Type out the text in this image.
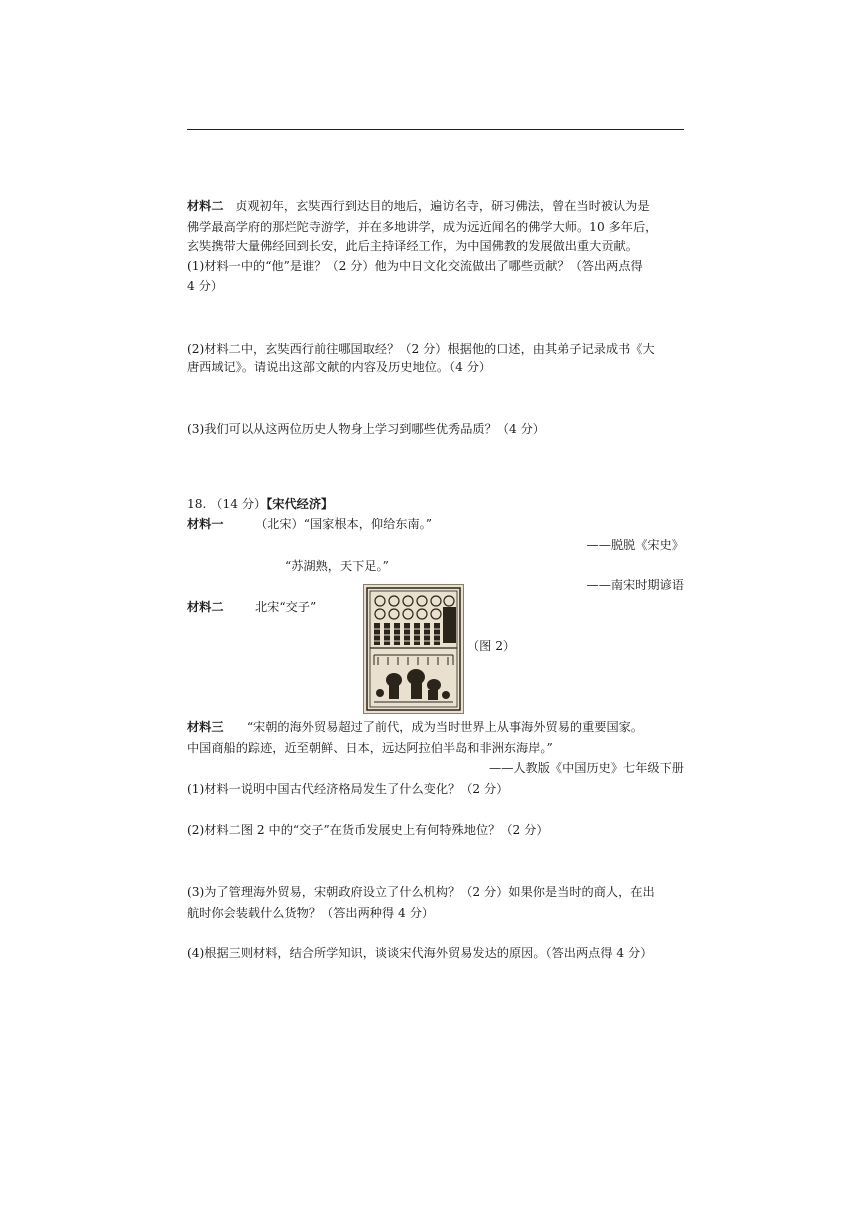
材料二 贞观初年，玄奘西行到达目的地后，遍访名寺，研习佛法，曾在当时被认为是
佛学最高学府的那烂陀寺游学，并在多地讲学，成为远近闻名的佛学大师。10 多年后，
玄奘携带大量佛经回到长安，此后主持译经工作，为中国佛教的发展做出重大贡献。
(1)材料一中的“他”是谁？（2 分）他为中日文化交流做出了哪些贡献？（答出两点得
4 分）
(2)材料二中，玄奘西行前往哪国取经？（2 分）根据他的口述，由其弟子记录成书《大
唐西域记》。请说出这部文献的内容及历史地位。（4 分）
(3)我们可以从这两位历史人物身上学习到哪些优秀品质？（4 分）
18. （14 分）【宋代经济】
材料一	（北宋）“国家根本，仰给东南。”
——脱脱《宋史》
“苏湖熟，天下足。”
——南宋时期谚语
材料二	北宋“交子”
（图 2）
材料三 “宋朝的海外贸易超过了前代，成为当时世界上从事海外贸易的重要国家。
中国商船的踪迹，近至朝鲜、日本，远达阿拉伯半岛和非洲东海岸。”
——人教版《中国历史》七年级下册
(1)材料一说明中国古代经济格局发生了什么变化？（2 分）
(2)材料二图 2 中的“交子”在货币发展史上有何特殊地位？（2 分）
(3)为了管理海外贸易，宋朝政府设立了什么机构？（2 分）如果你是当时的商人，在出
航时你会装载什么货物？（答出两种得 4 分）
(4)根据三则材料，结合所学知识，谈谈宋代海外贸易发达的原因。（答出两点得 4 分）
